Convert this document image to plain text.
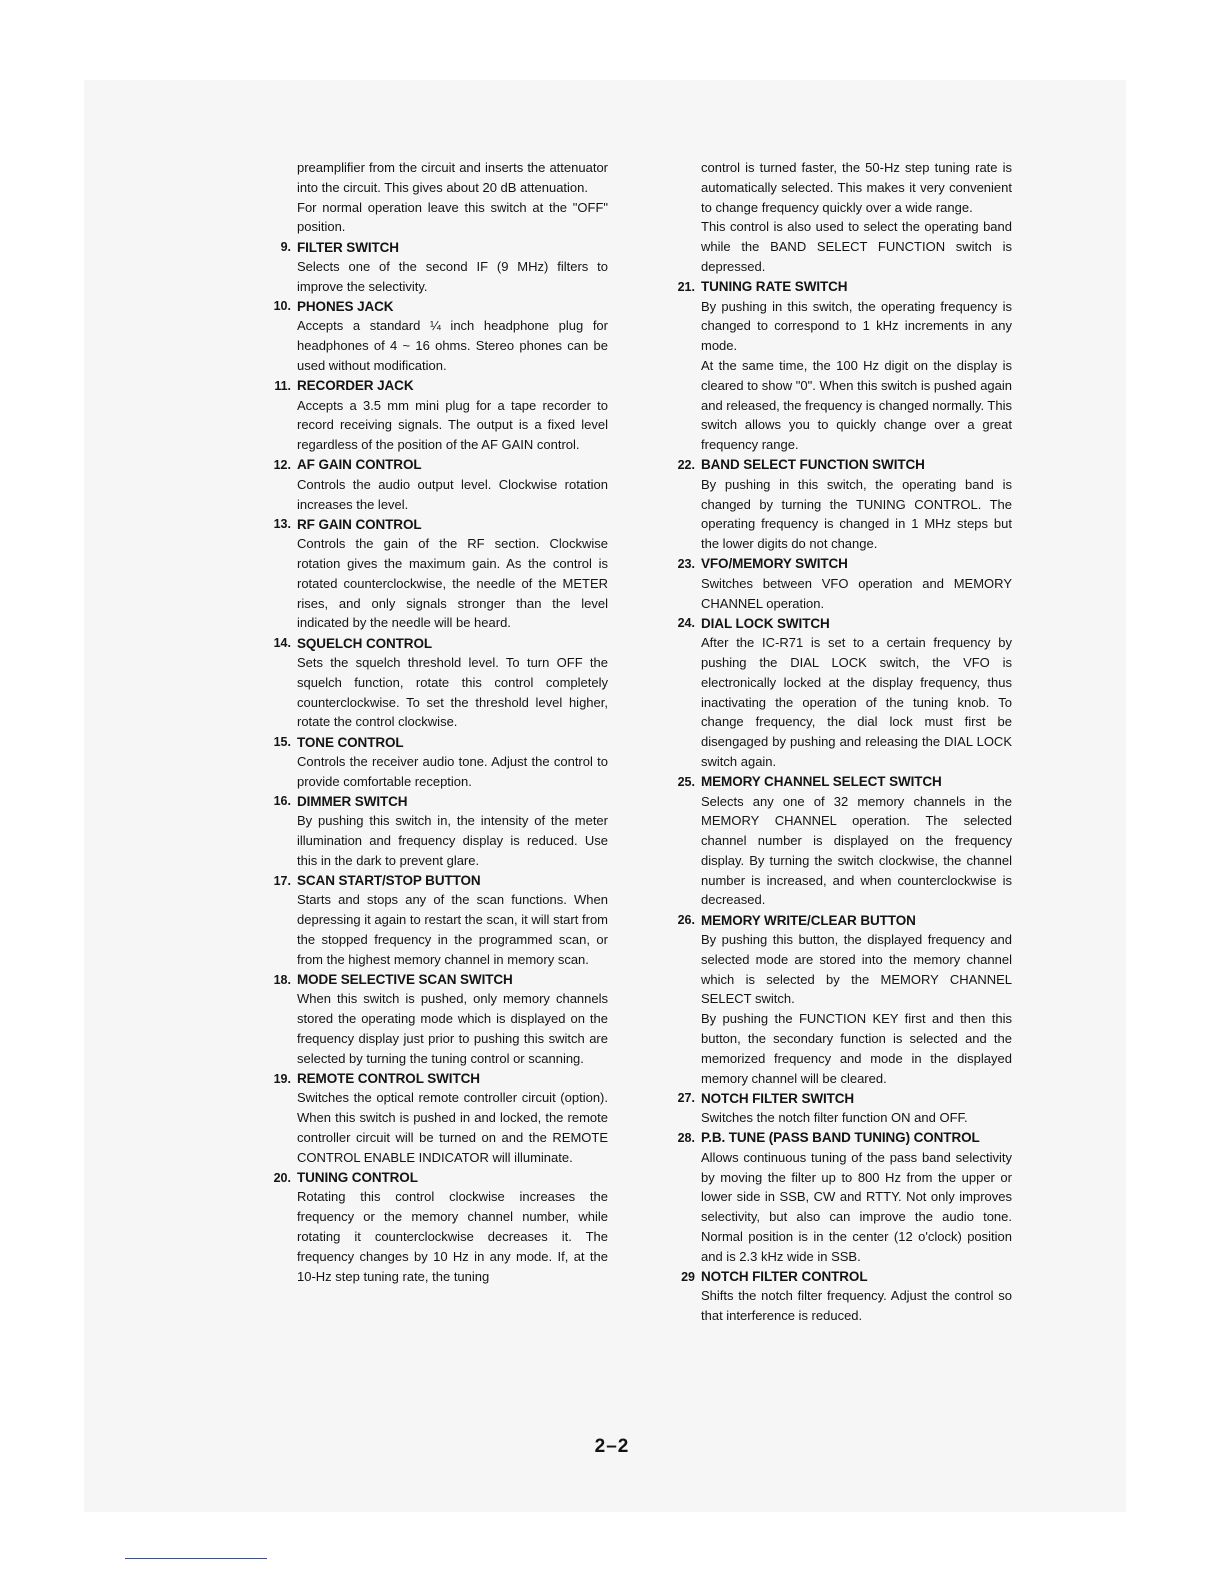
preamplifier from the circuit and inserts the attenuator into the circuit. This gives about 20 dB attenuation.

For normal operation leave this switch at the "OFF" position.

9. FILTER SWITCH

Selects one of the second IF (9 MHz) filters to improve the selectivity.

10. PHONES JACK

Accepts a standard ¼ inch headphone plug for headphones of 4 ~ 16 ohms. Stereo phones can be used without modification.

11. RECORDER JACK

Accepts a 3.5 mm mini plug for a tape recorder to record receiving signals. The output is a fixed level regardless of the position of the AF GAIN control.

12. AF GAIN CONTROL

Controls the audio output level. Clockwise rotation increases the level.

13. RF GAIN CONTROL

Controls the gain of the RF section. Clockwise rotation gives the maximum gain. As the control is rotated counterclockwise, the needle of the METER rises, and only signals stronger than the level indicated by the needle will be heard.

14. SQUELCH CONTROL

Sets the squelch threshold level. To turn OFF the squelch function, rotate this control completely counterclockwise. To set the threshold level higher, rotate the control clockwise.

15. TONE CONTROL

Controls the receiver audio tone. Adjust the control to provide comfortable reception.

16. DIMMER SWITCH

By pushing this switch in, the intensity of the meter illumination and frequency display is reduced. Use this in the dark to prevent glare.

17. SCAN START/STOP BUTTON

Starts and stops any of the scan functions. When depressing it again to restart the scan, it will start from the stopped frequency in the programmed scan, or from the highest memory channel in memory scan.

18. MODE SELECTIVE SCAN SWITCH

When this switch is pushed, only memory channels stored the operating mode which is displayed on the frequency display just prior to pushing this switch are selected by turning the tuning control or scanning.

19. REMOTE CONTROL SWITCH

Switches the optical remote controller circuit (option). When this switch is pushed in and locked, the remote controller circuit will be turned on and the REMOTE CONTROL ENABLE INDICATOR will illuminate.

20. TUNING CONTROL

Rotating this control clockwise increases the frequency or the memory channel number, while rotating it counterclockwise decreases it. The frequency changes by 10 Hz in any mode. If, at the 10-Hz step tuning rate, the tuning

control is turned faster, the 50-Hz step tuning rate is automatically selected. This makes it very convenient to change frequency quickly over a wide range.

This control is also used to select the operating band while the BAND SELECT FUNCTION switch is depressed.

21. TUNING RATE SWITCH

By pushing in this switch, the operating frequency is changed to correspond to 1 kHz increments in any mode.

At the same time, the 100 Hz digit on the display is cleared to show "0". When this switch is pushed again and released, the frequency is changed normally. This switch allows you to quickly change over a great frequency range.

22. BAND SELECT FUNCTION SWITCH

By pushing in this switch, the operating band is changed by turning the TUNING CONTROL. The operating frequency is changed in 1 MHz steps but the lower digits do not change.

23. VFO/MEMORY SWITCH

Switches between VFO operation and MEMORY CHANNEL operation.

24. DIAL LOCK SWITCH

After the IC-R71 is set to a certain frequency by pushing the DIAL LOCK switch, the VFO is electronically locked at the display frequency, thus inactivating the operation of the tuning knob. To change frequency, the dial lock must first be disengaged by pushing and releasing the DIAL LOCK switch again.

25. MEMORY CHANNEL SELECT SWITCH

Selects any one of 32 memory channels in the MEMORY CHANNEL operation. The selected channel number is displayed on the frequency display. By turning the switch clockwise, the channel number is increased, and when counterclockwise is decreased.

26. MEMORY WRITE/CLEAR BUTTON

By pushing this button, the displayed frequency and selected mode are stored into the memory channel which is selected by the MEMORY CHANNEL SELECT switch.

By pushing the FUNCTION KEY first and then this button, the secondary function is selected and the memorized frequency and mode in the displayed memory channel will be cleared.

27. NOTCH FILTER SWITCH

Switches the notch filter function ON and OFF.

28. P.B. TUNE (PASS BAND TUNING) CONTROL

Allows continuous tuning of the pass band selectivity by moving the filter up to 800 Hz from the upper or lower side in SSB, CW and RTTY. Not only improves selectivity, but also can improve the audio tone. Normal position is in the center (12 o'clock) position and is 2.3 kHz wide in SSB.

29 NOTCH FILTER CONTROL

Shifts the notch filter frequency. Adjust the control so that interference is reduced.

2–2
